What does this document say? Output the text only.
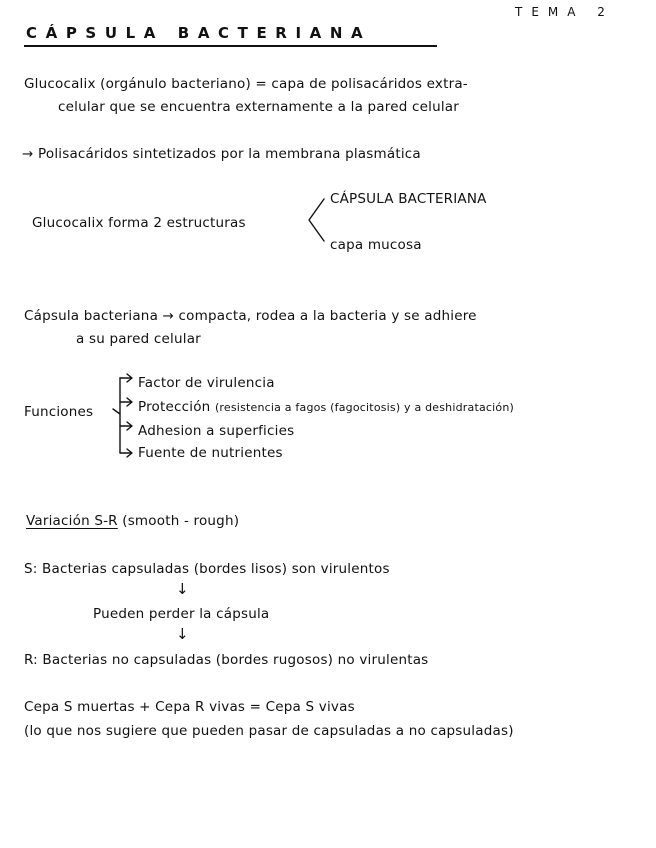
TEMA 2
CÁPSULA BACTERIANA
Glucocalix (orgánulo bacteriano) = capa de polisacáridos extra-
celular que se encuentra externamente a la pared celular
→ Polisacáridos sintetizados por la membrana plasmática
CÁPSULA BACTERIANA
Glucocalix forma 2 estructuras
capa mucosa
Cápsula bacteriana → compacta, rodea a la bacteria y se adhiere
a su pared celular
Funciones
Factor de virulencia
Protección (resistencia a fagos (fagocitosis) y a deshidratación)
Adhesion a superficies
Fuente de nutrientes
Variación S-R (smooth - rough)
S: Bacterias capsuladas (bordes lisos) son virulentos
↓
Pueden perder la cápsula
↓
R: Bacterias no capsuladas (bordes rugosos) no virulentas
Cepa S muertas + Cepa R vivas = Cepa S vivas
(lo que nos sugiere que pueden pasar de capsuladas a no capsuladas)
